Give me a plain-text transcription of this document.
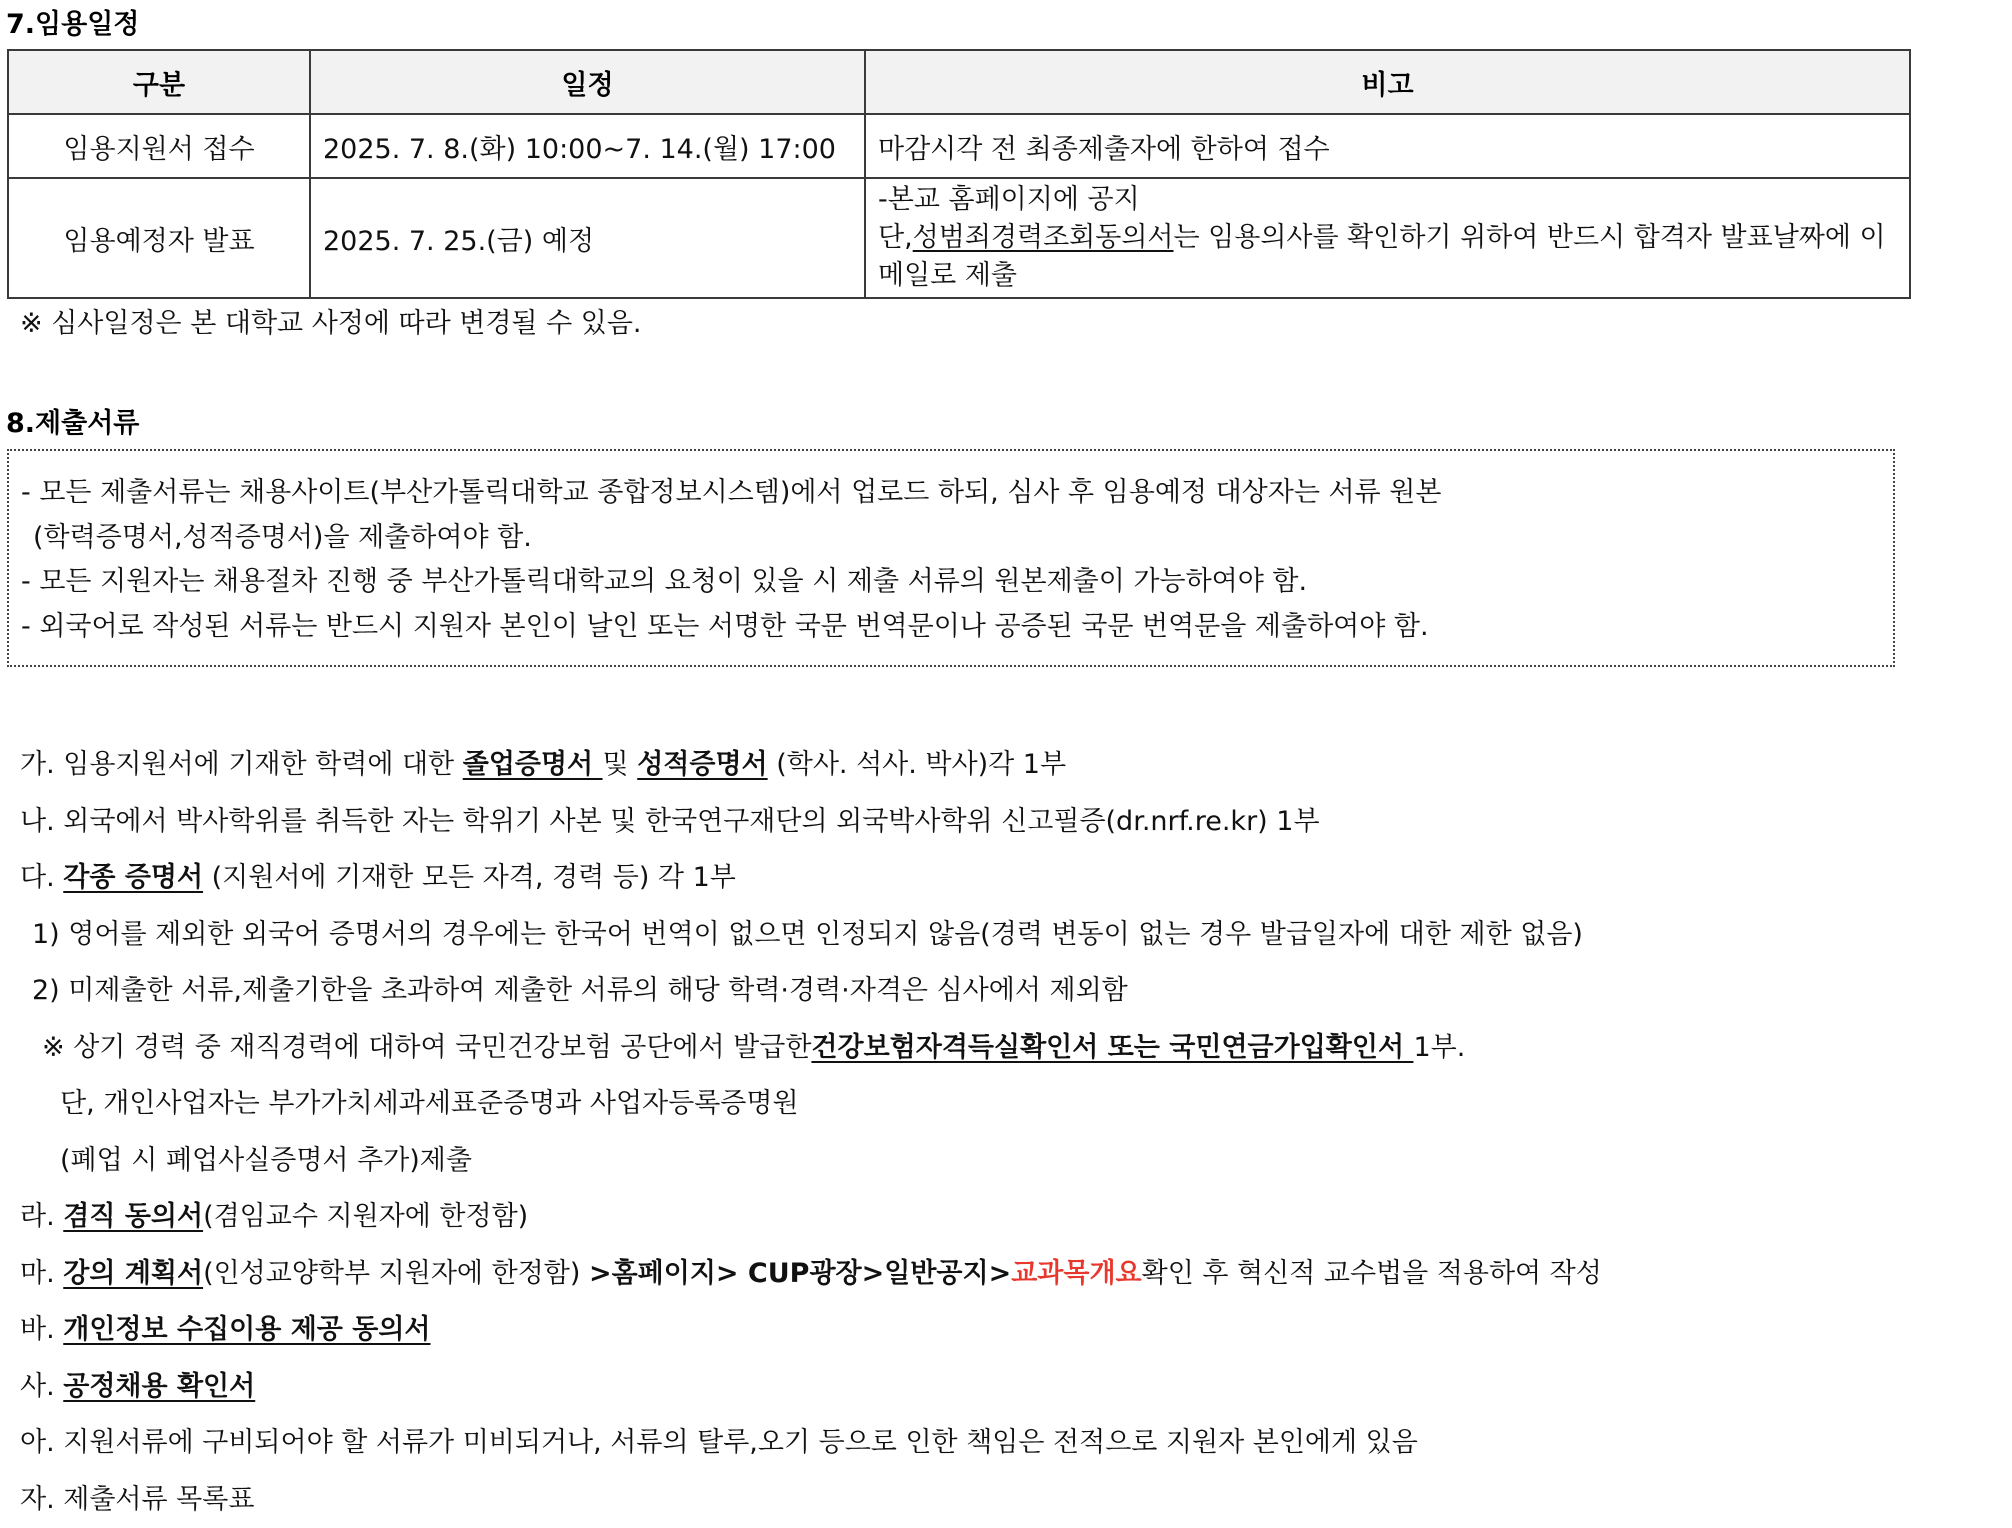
7.임용일정
구분	일정	비고
임용지원서 접수	2025. 7. 8.(화) 10:00~7. 14.(월) 17:00	마감시각 전 최종제출자에 한하여 접수
임용예정자 발표	2025. 7. 25.(금) 예정	-본교 홈페이지에 공지
단,성범죄경력조회동의서는 임용의사를 확인하기 위하여 반드시 합격자 발표날짜에 이
메일로 제출
※ 심사일정은 본 대학교 사정에 따라 변경될 수 있음.
8.제출서류
- 모든 제출서류는 채용사이트(부산가톨릭대학교 종합정보시스템)에서 업로드 하되, 심사 후 임용예정 대상자는 서류 원본
(학력증명서,성적증명서)을 제출하여야 함.
- 모든 지원자는 채용절차 진행 중 부산가톨릭대학교의 요청이 있을 시 제출 서류의 원본제출이 가능하여야 함.
- 외국어로 작성된 서류는 반드시 지원자 본인이 날인 또는 서명한 국문 번역문이나 공증된 국문 번역문을 제출하여야 함.
가. 임용지원서에 기재한 학력에 대한 졸업증명서 및 성적증명서 (학사. 석사. 박사)각 1부
나. 외국에서 박사학위를 취득한 자는 학위기 사본 및 한국연구재단의 외국박사학위 신고필증(dr.nrf.re.kr) 1부
다. 각종 증명서 (지원서에 기재한 모든 자격, 경력 등) 각 1부
1) 영어를 제외한 외국어 증명서의 경우에는 한국어 번역이 없으면 인정되지 않음(경력 변동이 없는 경우 발급일자에 대한 제한 없음)
2) 미제출한 서류,제출기한을 초과하여 제출한 서류의 해당 학력·경력·자격은 심사에서 제외함
※ 상기 경력 중 재직경력에 대하여 국민건강보험 공단에서 발급한건강보험자격득실확인서 또는 국민연금가입확인서 1부.
단, 개인사업자는 부가가치세과세표준증명과 사업자등록증명원
(폐업 시 폐업사실증명서 추가)제출
라. 겸직 동의서(겸임교수 지원자에 한정함)
마. 강의 계획서(인성교양학부 지원자에 한정함) >홈페이지> CUP광장>일반공지>교과목개요확인 후 혁신적 교수법을 적용하여 작성
바. 개인정보 수집이용 제공 동의서
사. 공정채용 확인서
아. 지원서류에 구비되어야 할 서류가 미비되거나, 서류의 탈루,오기 등으로 인한 책임은 전적으로 지원자 본인에게 있음
자. 제출서류 목록표
